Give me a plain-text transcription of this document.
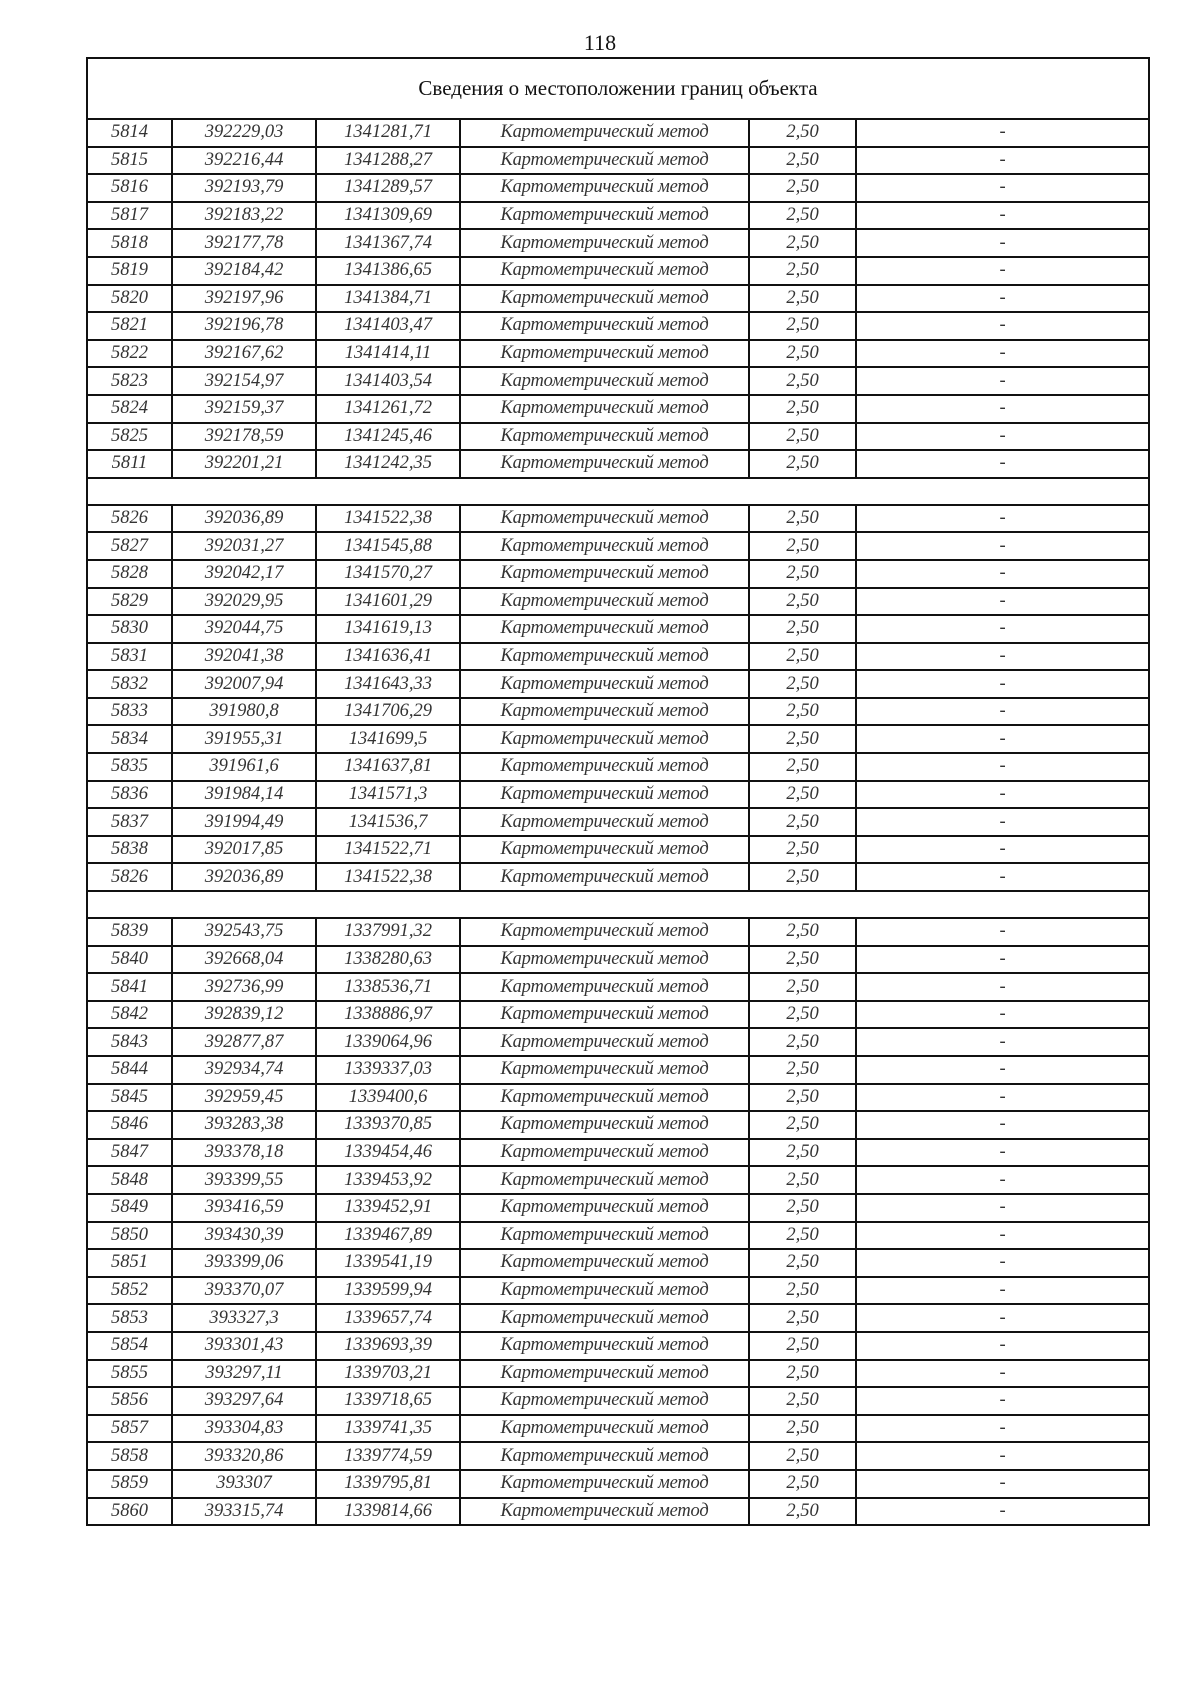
118
Сведения о местоположении границ объекта					
5814	392229,03	1341281,71	Картометрический метод	2,50	-
5815	392216,44	1341288,27	Картометрический метод	2,50	-
5816	392193,79	1341289,57	Картометрический метод	2,50	-
5817	392183,22	1341309,69	Картометрический метод	2,50	-
5818	392177,78	1341367,74	Картометрический метод	2,50	-
5819	392184,42	1341386,65	Картометрический метод	2,50	-
5820	392197,96	1341384,71	Картометрический метод	2,50	-
5821	392196,78	1341403,47	Картометрический метод	2,50	-
5822	392167,62	1341414,11	Картометрический метод	2,50	-
5823	392154,97	1341403,54	Картометрический метод	2,50	-
5824	392159,37	1341261,72	Картометрический метод	2,50	-
5825	392178,59	1341245,46	Картометрический метод	2,50	-
5811	392201,21	1341242,35	Картометрический метод	2,50	-

5826	392036,89	1341522,38	Картометрический метод	2,50	-
5827	392031,27	1341545,88	Картометрический метод	2,50	-
5828	392042,17	1341570,27	Картометрический метод	2,50	-
5829	392029,95	1341601,29	Картометрический метод	2,50	-
5830	392044,75	1341619,13	Картометрический метод	2,50	-
5831	392041,38	1341636,41	Картометрический метод	2,50	-
5832	392007,94	1341643,33	Картометрический метод	2,50	-
5833	391980,8	1341706,29	Картометрический метод	2,50	-
5834	391955,31	1341699,5	Картометрический метод	2,50	-
5835	391961,6	1341637,81	Картометрический метод	2,50	-
5836	391984,14	1341571,3	Картометрический метод	2,50	-
5837	391994,49	1341536,7	Картометрический метод	2,50	-
5838	392017,85	1341522,71	Картометрический метод	2,50	-
5826	392036,89	1341522,38	Картометрический метод	2,50	-

5839	392543,75	1337991,32	Картометрический метод	2,50	-
5840	392668,04	1338280,63	Картометрический метод	2,50	-
5841	392736,99	1338536,71	Картометрический метод	2,50	-
5842	392839,12	1338886,97	Картометрический метод	2,50	-
5843	392877,87	1339064,96	Картометрический метод	2,50	-
5844	392934,74	1339337,03	Картометрический метод	2,50	-
5845	392959,45	1339400,6	Картометрический метод	2,50	-
5846	393283,38	1339370,85	Картометрический метод	2,50	-
5847	393378,18	1339454,46	Картометрический метод	2,50	-
5848	393399,55	1339453,92	Картометрический метод	2,50	-
5849	393416,59	1339452,91	Картометрический метод	2,50	-
5850	393430,39	1339467,89	Картометрический метод	2,50	-
5851	393399,06	1339541,19	Картометрический метод	2,50	-
5852	393370,07	1339599,94	Картометрический метод	2,50	-
5853	393327,3	1339657,74	Картометрический метод	2,50	-
5854	393301,43	1339693,39	Картометрический метод	2,50	-
5855	393297,11	1339703,21	Картометрический метод	2,50	-
5856	393297,64	1339718,65	Картометрический метод	2,50	-
5857	393304,83	1339741,35	Картометрический метод	2,50	-
5858	393320,86	1339774,59	Картометрический метод	2,50	-
5859	393307	1339795,81	Картометрический метод	2,50	-
5860	393315,74	1339814,66	Картометрический метод	2,50	-
